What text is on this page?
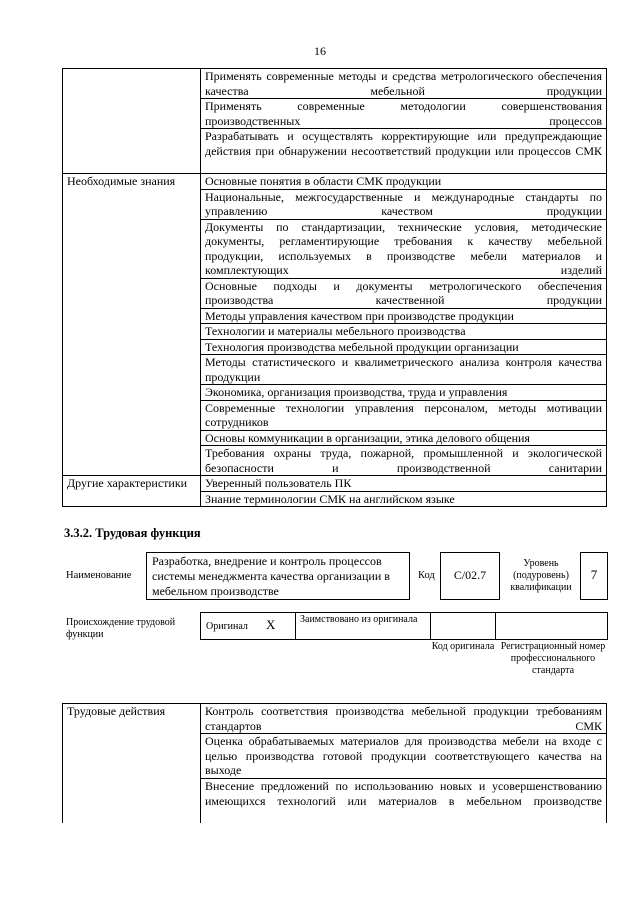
16
	Применять современные методы и средства метрологического обеспечения качества мебельной продукции
	Применять современные методологии совершенствования производственных процессов
	Разрабатывать и осуществлять корректирующие или предупреждающие действия при обнаружении несоответствий продукции или процессов СМК
Необходимые знания	Основные понятия в области СМК продукции
	Национальные, межгосударственные и международные стандарты по управлению качеством продукции
	Документы по стандартизации, технические условия, методические документы, регламентирующие требования к качеству мебельной продукции, используемых в производстве мебели материалов и комплектующих изделий
	Основные подходы и документы метрологического обеспечения производства качественной продукции
	Методы управления качеством при производстве продукции
	Технологии и материалы мебельного производства
	Технология производства мебельной продукции организации
	Методы статистического и квалиметрического анализа контроля качества продукции
	Экономика, организация производства, труда и управления
	Современные технологии управления персоналом, методы мотивации сотрудников
	Основы коммуникации в организации, этика делового общения
	Требования охраны труда, пожарной, промышленной и экологической безопасности и производственной санитарии
Другие характеристики	Уверенный пользователь ПК
	Знание терминологии СМК на английском языке
3.3.2. Трудовая функция
Наименование
Разработка, внедрение и контроль процессов системы менеджмента качества организации в мебельном производстве
Код	С/02.7
Уровень (подуровень) квалификации
7
Происхождение трудовой функции
Оригинал X Заимствовано из оригинала
Код оригинала Регистрационный номер профессионального стандарта
Трудовые действия	Контроль соответствия производства мебельной продукции требованиям стандартов СМК
Оценка обрабатываемых материалов для производства мебели на входе с целью производства готовой продукции соответствующего качества на выходе
Внесение предложений по использованию новых и усовершенствованию имеющихся технологий или материалов в мебельном производстве
